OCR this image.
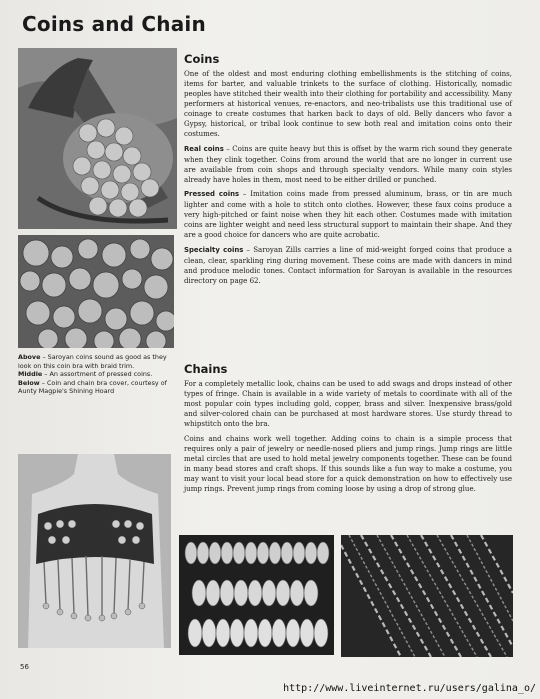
Coins and Chain

Above – Saroyan coins sound as good as they look on this coin bra with braid trim.

Middle – An assortment of pressed coins.

Below – Coin and chain bra cover, courtesy of Aunty Magpie's Shining Hoard

Coins

One of the oldest and most enduring clothing embellishments is the stitching of coins, items for barter, and valuable trinkets to the surface of clothing. Historically, nomadic peoples have stitched their wealth into their clothing for portability and accessibility. Many performers at historical venues, re-enactors, and neo-tribalists use this traditional use of coinage to create costumes that harken back to days of old. Belly dancers who favor a Gypsy, historical, or tribal look continue to sew both real and imitation coins onto their costumes.

Real coins – Coins are quite heavy but this is offset by the warm rich sound they generate when they clink together. Coins from around the world that are no longer in current use are available from coin shops and through specialty vendors. While many coin styles already have holes in them, most need to be either drilled or punched.

Pressed coins – Imitation coins made from pressed aluminum, brass, or tin are much lighter and come with a hole to stitch onto clothes. However, these faux coins produce a very high-pitched or faint noise when they hit each other. Costumes made with imitation coins are lighter weight and need less structural support to maintain their shape. And they are a good choice for dancers who are quite acrobatic.

Specialty coins – Saroyan Zills carries a line of mid-weight forged coins that produce a clean, clear, sparkling ring during movement. These coins are made with dancers in mind and produce melodic tones. Contact information for Saroyan is available in the resources directory on page 62.

Chains

For a completely metallic look, chains can be used to add swags and drops instead of other types of fringe. Chain is available in a wide variety of metals to coordinate with all of the most popular coin types including gold, copper, brass and silver. Inexpensive brass/gold and silver-colored chain can be purchased at most hardware stores. Use sturdy thread to whipstitch onto the bra.

Coins and chains work well together. Adding coins to chain is a simple process that requires only a pair of jewelry or needle-nosed pliers and jump rings. Jump rings are little metal circles that are used to hold metal jewelry components together. These can be found in many bead stores and craft shops. If this sounds like a fun way to make a costume, you may want to visit your local bead store for a quick demonstration on how to effectively use jump rings. Prevent jump rings from coming loose by using a drop of strong glue.

56
http://www.liveinternet.ru/users/galina_o/
